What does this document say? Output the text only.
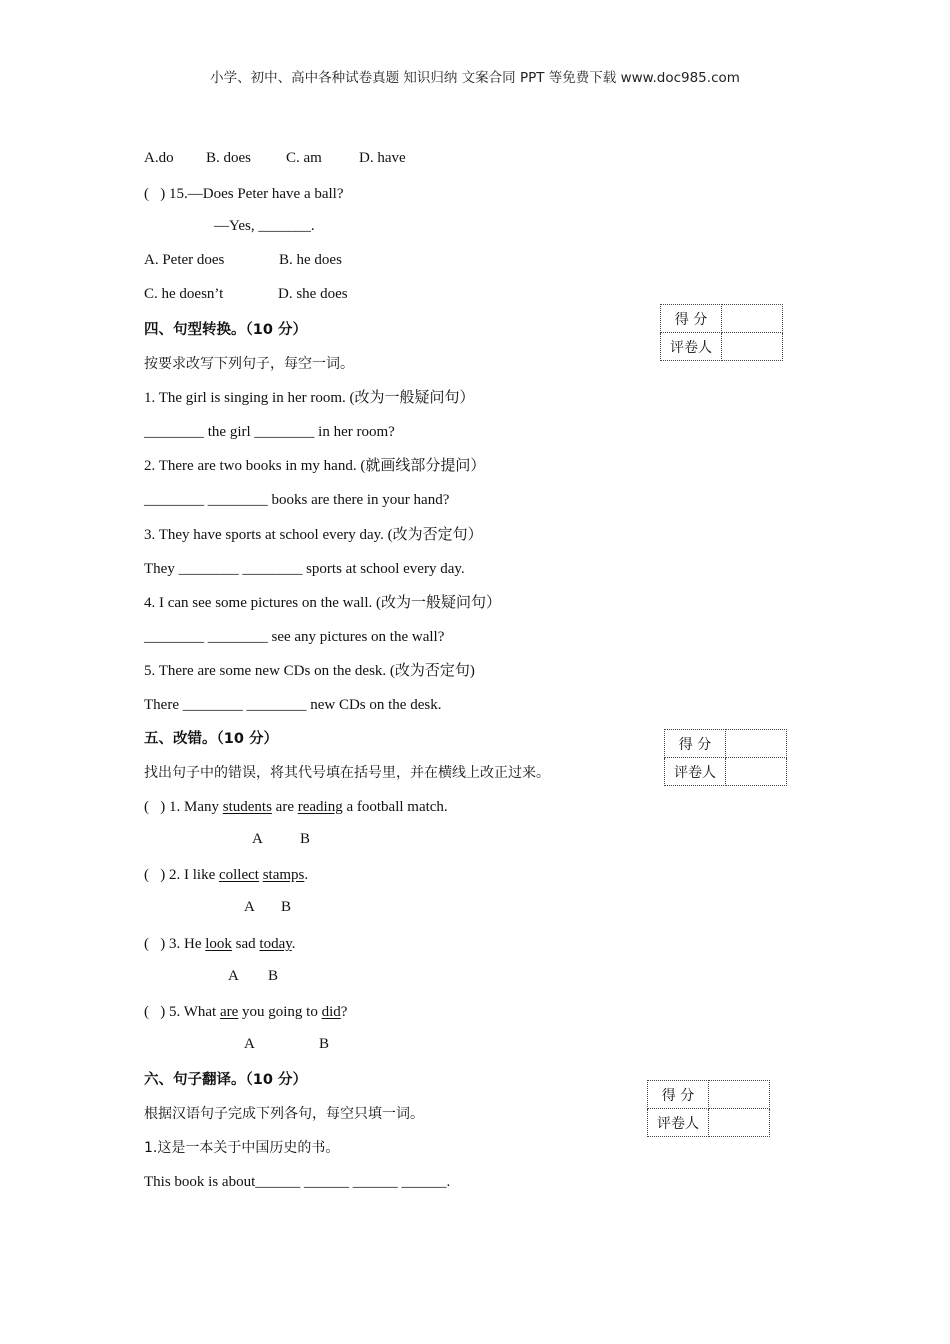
小学、初中、高中各种试卷真题 知识归纳 文案合同 PPT 等免费下载 www.doc985.com
A.do B. does C. am D. have
(   ) 15.—Does Peter have a ball?
—Yes, _______.
A. Peter does	B. he does
C. he doesn’t	D. she does
四、句型转换。（10 分）
得 分	
评卷人	
按要求改写下列句子，每空一词。
1. The girl is singing in her room. (改为一般疑问句）
________ the girl ________ in her room?
2. There are two books in my hand. (就画线部分提问）
________ ________ books are there in your hand?
3. They have sports at school every day. (改为否定句）
They ________ ________ sports at school every day.
4. I can see some pictures on the wall. (改为一般疑问句）
________ ________ see any pictures on the wall?
5. There are some new CDs on the desk. (改为否定句)
There ________ ________ new CDs on the desk.
五、改错。（10 分）	得 分	
评卷人	
找出句子中的错误，将其代号填在括号里，并在横线上改正过来。
(   ) 1. Many students are reading a football match.
A B
(   ) 2. I like collect stamps.
A B
(   ) 3. He look sad today.
A B
(   ) 5. What are you going to did?
A	B
六、句子翻译。（10 分）
得 分	
评卷人	
根据汉语句子完成下列各句，每空只填一词。
1.这是一本关于中国历史的书。
This book is about______ ______ ______ ______.
